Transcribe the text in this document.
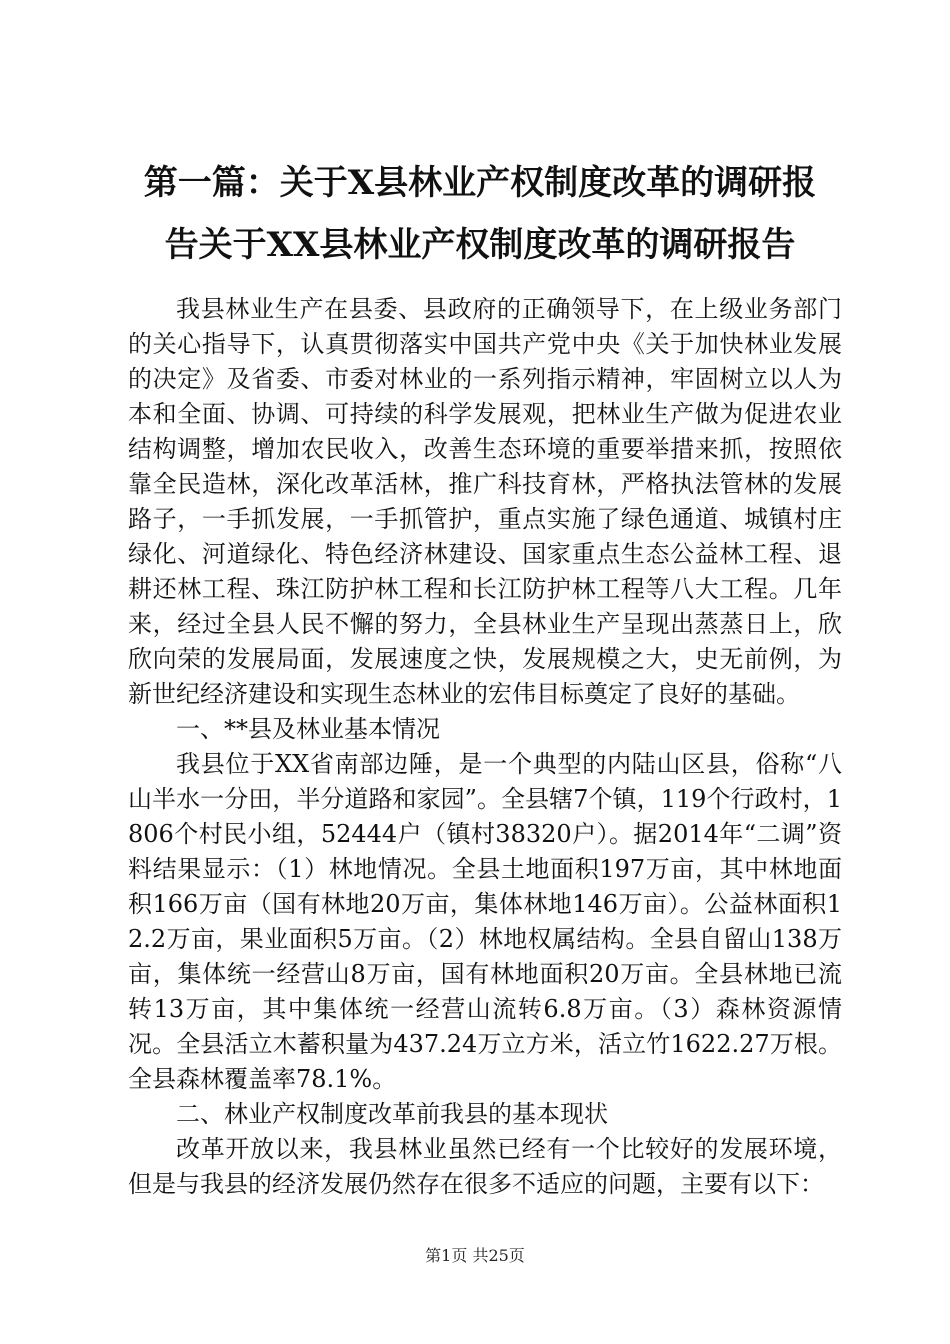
第一篇：关于X县林业产权制度改革的调研报
告关于XX县林业产权制度改革的调研报告

我县林业生产在县委、县政府的正确领导下，在上级业务部门的关心指导下，认真贯彻落实中国共产党中央《关于加快林业发展的决定》及省委、市委对林业的一系列指示精神，牢固树立以人为本和全面、协调、可持续的科学发展观，把林业生产做为促进农业结构调整，增加农民收入，改善生态环境的重要举措来抓，按照依靠全民造林，深化改革活林，推广科技育林，严格执法管林的发展路子，一手抓发展，一手抓管护，重点实施了绿色通道、城镇村庄绿化、河道绿化、特色经济林建设、国家重点生态公益林工程、退耕还林工程、珠江防护林工程和长江防护林工程等八大工程。几年来，经过全县人民不懈的努力，全县林业生产呈现出蒸蒸日上，欣欣向荣的发展局面，发展速度之快，发展规模之大，史无前例，为新世纪经济建设和实现生态林业的宏伟目标奠定了良好的基础。

一、**县及林业基本情况

我县位于XX省南部边陲，是一个典型的内陆山区县，俗称“八山半水一分田，半分道路和家园”。全县辖7个镇，119个行政村，1806个村民小组，52444户（镇村38320户）。据2014年“二调”资料结果显示：（1）林地情况。全县土地面积197万亩，其中林地面积166万亩（国有林地20万亩，集体林地146万亩）。公益林面积12.2万亩，果业面积5万亩。（2）林地权属结构。全县自留山138万亩，集体统一经营山8万亩，国有林地面积20万亩。全县林地已流转13万亩，其中集体统一经营山流转6.8万亩。（3）森林资源情况。全县活立木蓄积量为437.24万立方米，活立竹1622.27万根。全县森林覆盖率78.1%。

二、林业产权制度改革前我县的基本现状

改革开放以来，我县林业虽然已经有一个比较好的发展环境，但是与我县的经济发展仍然存在很多不适应的问题，主要有以下：

第1页 共25页
